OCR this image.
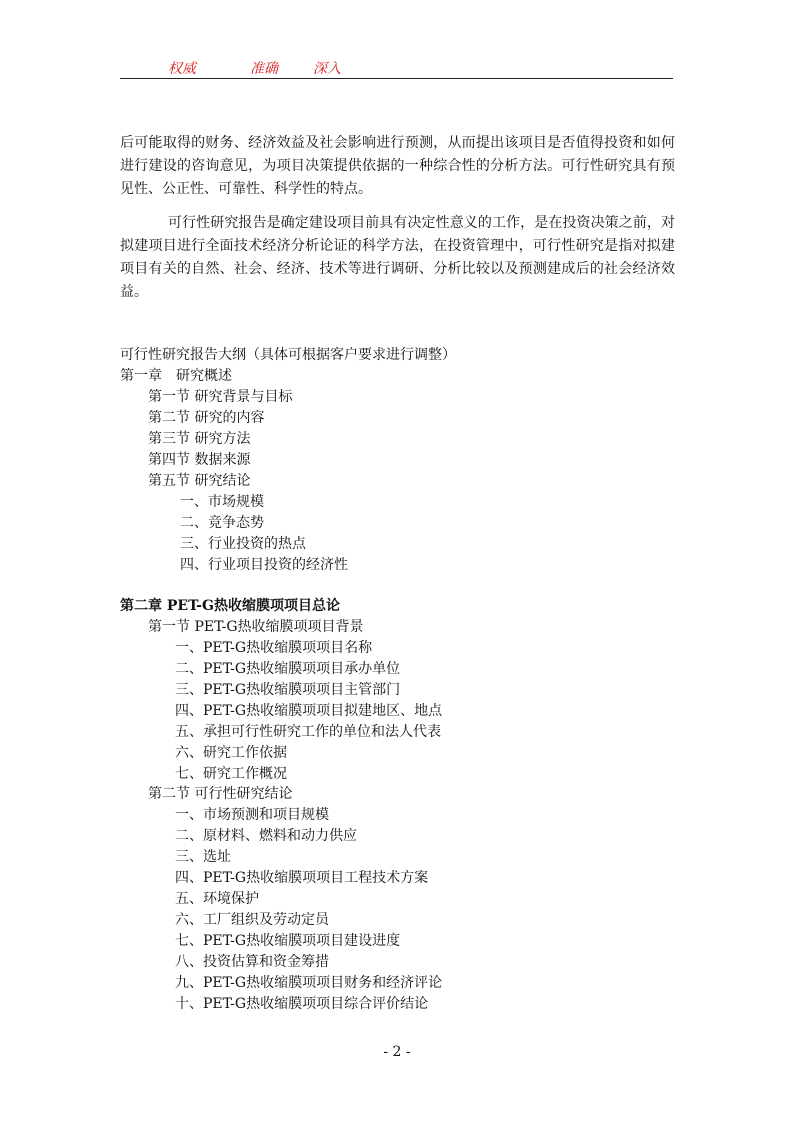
权威	准确	深入

后可能取得的财务、经济效益及社会影响进行预测，从而提出该项目是否值得投资和如何进行建设的咨询意见，为项目决策提供依据的一种综合性的分析方法。可行性研究具有预见性、公正性、可靠性、科学性的特点。

可行性研究报告是确定建设项目前具有决定性意义的工作，是在投资决策之前，对拟建项目进行全面技术经济分析论证的科学方法，在投资管理中，可行性研究是指对拟建项目有关的自然、社会、经济、技术等进行调研、分析比较以及预测建成后的社会经济效益。

可行性研究报告大纲（具体可根据客户要求进行调整）
第一章　研究概述
第一节 研究背景与目标
第二节 研究的内容
第三节 研究方法
第四节 数据来源
第五节 研究结论
一、市场规模
二、竞争态势
三、行业投资的热点
四、行业项目投资的经济性
第二章 PET-G热收缩膜项项目总论
第一节 PET-G热收缩膜项项目背景
一、PET-G热收缩膜项项目名称
二、PET-G热收缩膜项项目承办单位
三、PET-G热收缩膜项项目主管部门
四、PET-G热收缩膜项项目拟建地区、地点
五、承担可行性研究工作的单位和法人代表
六、研究工作依据
七、研究工作概况
第二节 可行性研究结论
一、市场预测和项目规模
二、原材料、燃料和动力供应
三、选址
四、PET-G热收缩膜项项目工程技术方案
五、环境保护
六、工厂组织及劳动定员
七、PET-G热收缩膜项项目建设进度
八、投资估算和资金筹措
九、PET-G热收缩膜项项目财务和经济评论
十、PET-G热收缩膜项项目综合评价结论
- 2 -
